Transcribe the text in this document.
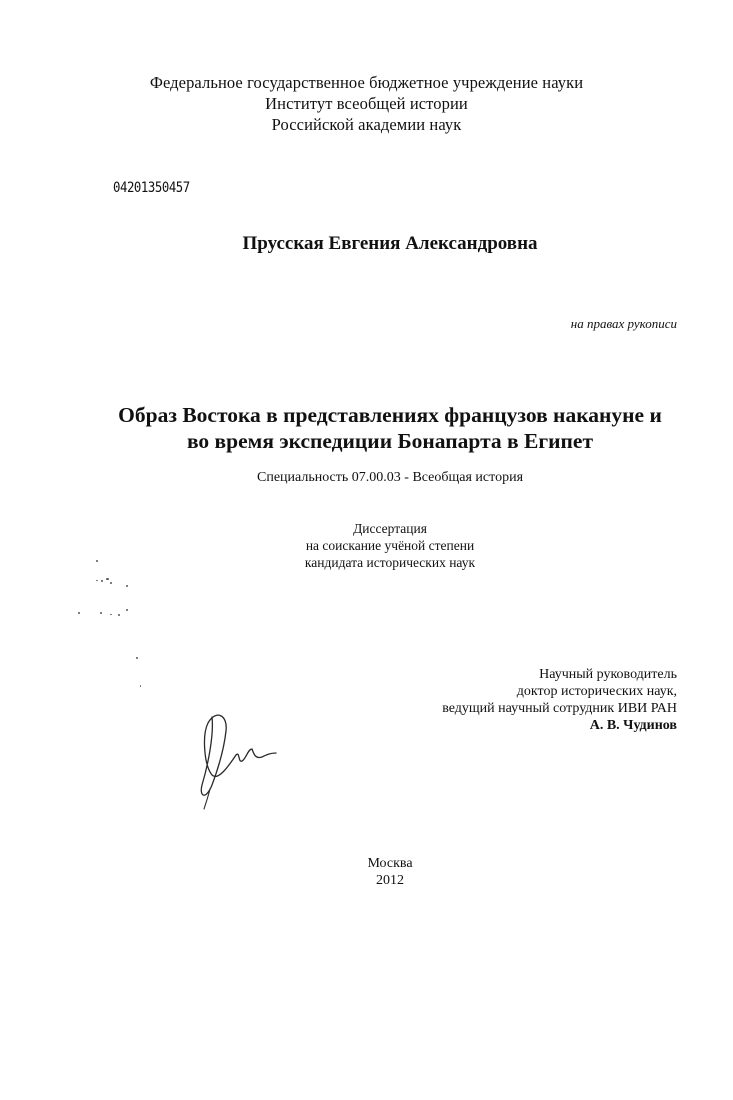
Федеральное государственное бюджетное учреждение науки
Институт всеобщей истории
Российской академии наук
04201350457
Прусская Евгения Александровна
на правах рукописи
Образ Востока в представлениях французов накануне и
во время экспедиции Бонапарта в Египет
Специальность 07.00.03 - Всеобщая история
Диссертация
на соискание учёной степени
кандидата исторических наук
Научный руководитель
доктор исторических наук,
ведущий научный сотрудник ИВИ РАН
А. В. Чудинов
Москва
2012
